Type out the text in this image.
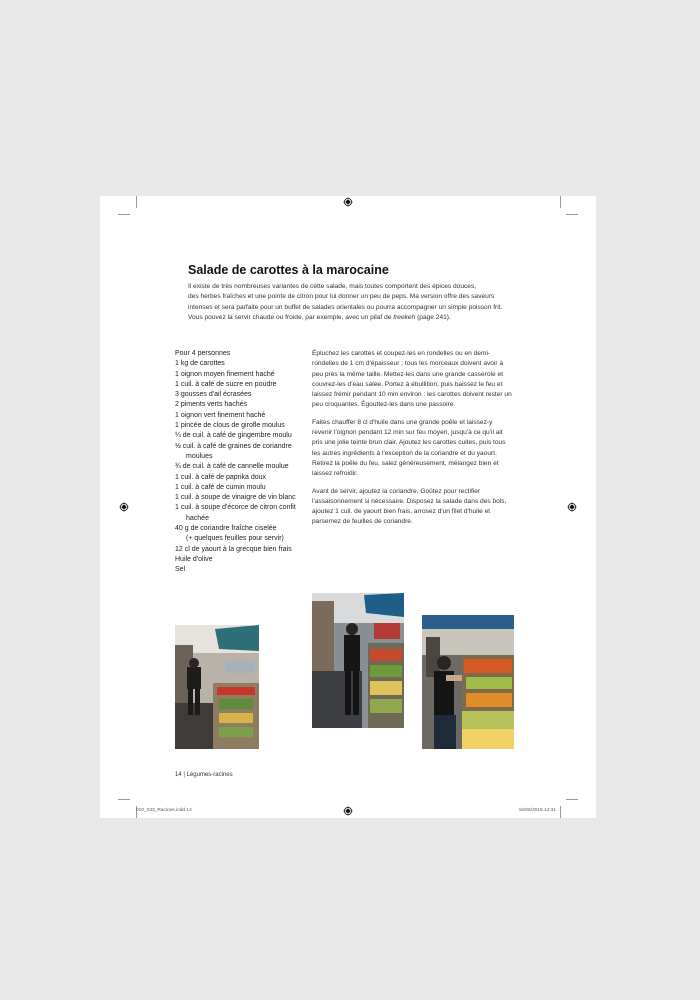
Salade de carottes à la marocaine

Il existe de très nombreuses variantes de cette salade, mais toutes comportent des épices douces,
des herbes fraîches et une pointe de citron pour lui donner un peu de peps. Ma version offre des saveurs
intenses et sera parfaite pour un buffet de salades orientales ou pourra accompagner un simple poisson frit.
Vous pouvez la servir chaude ou froide, par exemple, avec un pilaf de freekeh (page 241).

Pour 4 personnes
1 kg de carottes
1 oignon moyen finement haché
1 cuil. à café de sucre en poudre
3 gousses d'ail écrasées
2 piments verts hachés
1 oignon vert finement haché
1 pincée de clous de girofle moulus
¼ de cuil. à café de gingembre moulu
½ cuil. à café de graines de coriandre
moulues
¾ de cuil. à café de cannelle moulue
1 cuil. à café de paprika doux
1 cuil. à café de cumin moulu
1 cuil. à soupe de vinaigre de vin blanc
1 cuil. à soupe d'écorce de citron confit
hachée
40 g de coriandre fraîche ciselée
(+ quelques feuilles pour servir)
12 cl de yaourt à la grecque bien frais
Huile d'olive
Sel

Épluchez les carottes et coupez-les en rondelles ou en demi-rondelles de 1 cm d'épaisseur ; tous les morceaux doivent avoir à peu près la même taille. Mettez-les dans une grande casserole et couvrez-les d'eau salée. Portez à ébullition, puis baissez le feu et laissez frémir pendant 10 min environ : les carottes doivent rester un peu croquantes. Égouttez-les dans une passoire.

Faites chauffer 8 cl d'huile dans une grande poêle et laissez-y revenir l'oignon pendant 12 min sur feu moyen, jusqu'à ce qu'il ait pris une jolie teinte brun clair. Ajoutez les carottes cuites, puis tous les autres ingrédients à l'exception de la coriandre et du yaourt. Retirez la poêle du feu, salez généreusement, mélangez bien et laissez refroidir.

Avant de servir, ajoutez la coriandre. Goûtez pour rectifier l'assaisonnement si nécessaire. Disposez la salade dans des bols, ajoutez 1 cuil. de yaourt bien frais, arrosez d'un filet d'huile et parsemez de feuilles de coriandre.

14 | Légumes-racines
010_033_Racines.indd 14	16/06/2015 14:31
